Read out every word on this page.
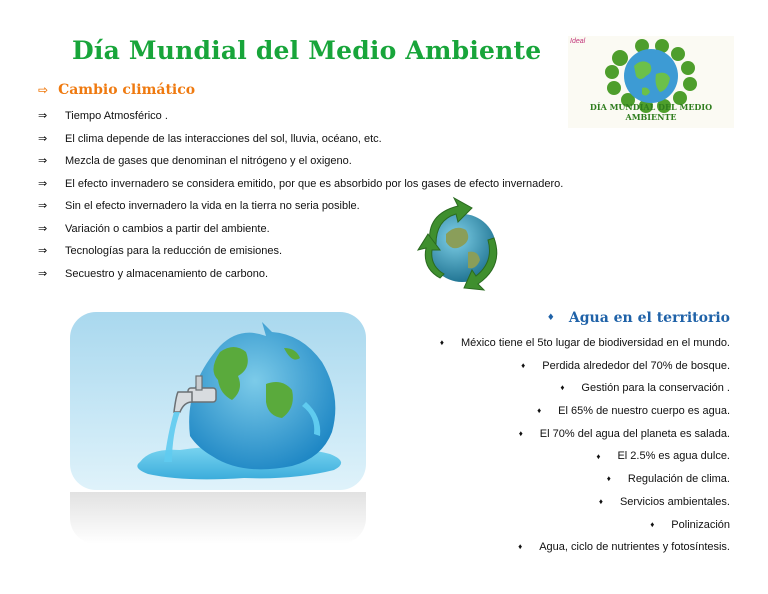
Día Mundial del Medio Ambiente	Ideal
DÍA MUNDIAL DEL MEDIO AMBIENTE
⇨ Cambio climático
⇒ Tiempo Atmosférico .
⇒ El clima depende de las interacciones del sol, lluvia, océano, etc.
⇒ Mezcla de gases que denominan el nitrógeno y el oxigeno.
⇒ El efecto invernadero se considera emitido, por que es absorbido por los gases de efecto invernadero.
⇒ Sin el efecto invernadero la vida en la tierra no seria posible.
⇒ Variación o cambios a partir del ambiente.
⇒ Tecnologías para la reducción de emisiones.
⇒ Secuestro y almacenamiento de carbono.
♦ Agua en el territorio
♦ México tiene el 5to lugar de biodiversidad en el mundo.
♦ Perdida alrededor del 70% de bosque.
♦ Gestión para la conservación .
♦ El 65% de nuestro cuerpo es agua.
♦ El 70% del agua del planeta es salada.
♦ El 2.5% es agua dulce.
♦ Regulación de clima.
♦ Servicios ambientales.
♦ Polinización
♦ Agua, ciclo de nutrientes y fotosíntesis.
